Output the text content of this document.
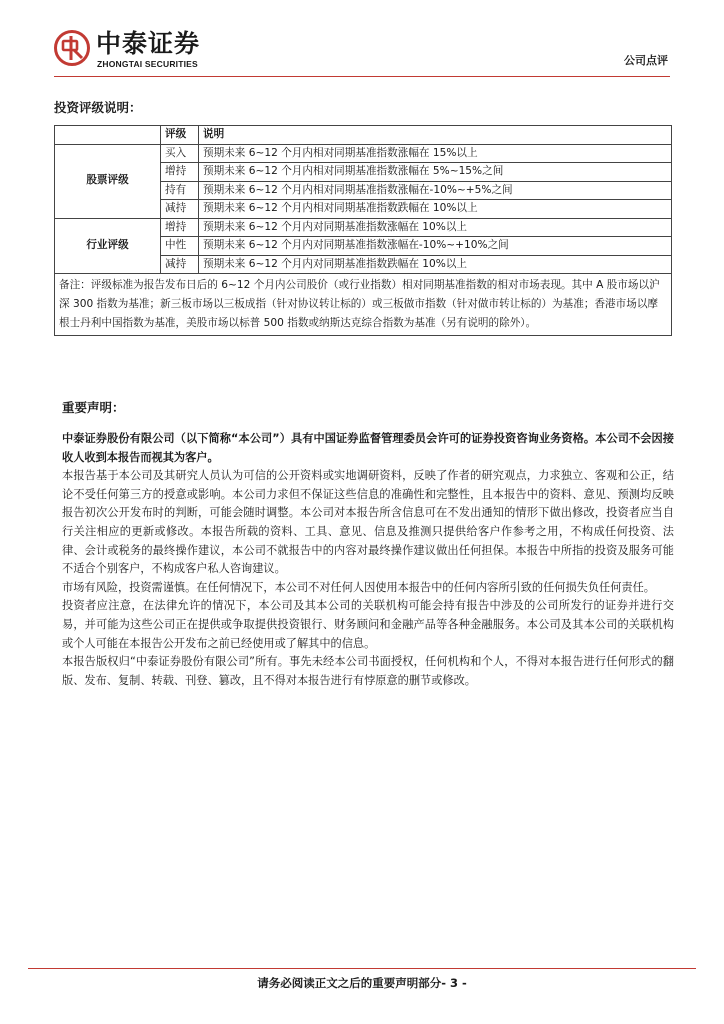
中泰证券
ZHONGTAI SECURITIES	公司点评
投资评级说明：
	评级	说明
股票评级	买入	预期未来 6~12 个月内相对同期基准指数涨幅在 15%以上
	增持	预期未来 6~12 个月内相对同期基准指数涨幅在 5%~15%之间
	持有	预期未来 6~12 个月内相对同期基准指数涨幅在-10%~+5%之间
	减持	预期未来 6~12 个月内相对同期基准指数跌幅在 10%以上
行业评级	增持	预期未来 6~12 个月内对同期基准指数涨幅在 10%以上
	中性	预期未来 6~12 个月内对同期基准指数涨幅在-10%~+10%之间
	减持	预期未来 6~12 个月内对同期基准指数跌幅在 10%以上
备注：评级标准为报告发布日后的 6~12 个月内公司股价（或行业指数）相对同期基准指数的相对市场表现。其中 A 股市场以沪深 300 指数为基准；新三板市场以三板成指（针对协议转让标的）或三板做市指数（针对做市转让标的）为基准；香港市场以摩根士丹利中国指数为基准，美股市场以标普 500 指数或纳斯达克综合指数为基准（另有说明的除外）。		
重要声明：

中泰证券股份有限公司（以下简称“本公司”）具有中国证券监督管理委员会许可的证券投资咨询业务资格。本公司不会因接收人收到本报告而视其为客户。

本报告基于本公司及其研究人员认为可信的公开资料或实地调研资料，反映了作者的研究观点，力求独立、客观和公正，结论不受任何第三方的授意或影响。本公司力求但不保证这些信息的准确性和完整性，且本报告中的资料、意见、预测均反映报告初次公开发布时的判断，可能会随时调整。本公司对本报告所含信息可在不发出通知的情形下做出修改，投资者应当自行关注相应的更新或修改。本报告所载的资料、工具、意见、信息及推测只提供给客户作参考之用，不构成任何投资、法律、会计或税务的最终操作建议，本公司不就报告中的内容对最终操作建议做出任何担保。本报告中所指的投资及服务可能不适合个别客户，不构成客户私人咨询建议。

市场有风险，投资需谨慎。在任何情况下，本公司不对任何人因使用本报告中的任何内容所引致的任何损失负任何责任。

投资者应注意，在法律允许的情况下，本公司及其本公司的关联机构可能会持有报告中涉及的公司所发行的证券并进行交易，并可能为这些公司正在提供或争取提供投资银行、财务顾问和金融产品等各种金融服务。本公司及其本公司的关联机构或个人可能在本报告公开发布之前已经使用或了解其中的信息。

本报告版权归“中泰证券股份有限公司”所有。事先未经本公司书面授权，任何机构和个人，不得对本报告进行任何形式的翻版、发布、复制、转载、刊登、篡改，且不得对本报告进行有悖原意的删节或修改。

请务必阅读正文之后的重要声明部分- 3 -
